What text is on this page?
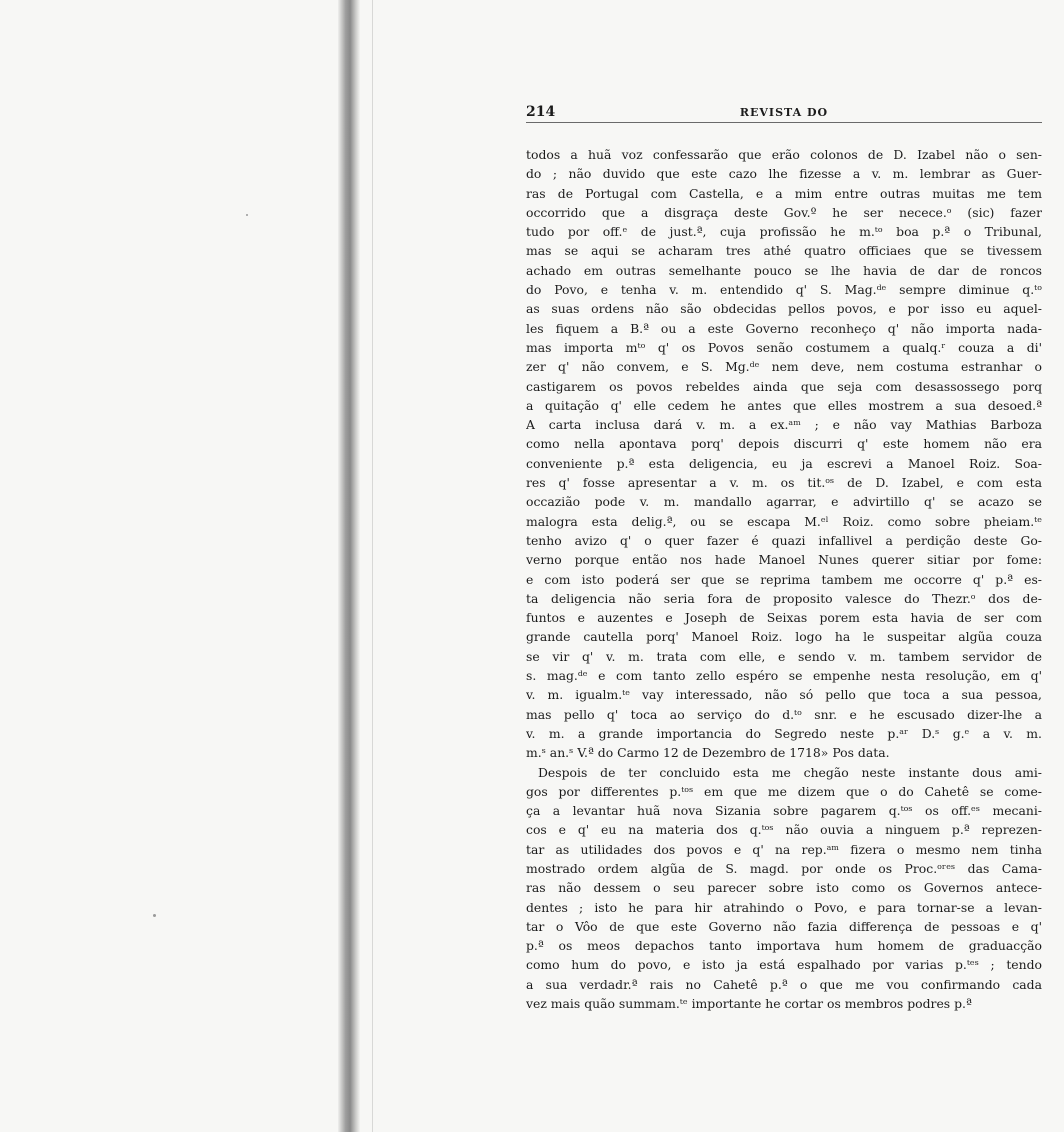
214	REVISTA DO
todos a huã voz confessarão que erão colonos de D. Izabel não o sen-
do ; não duvido que este cazo lhe fizesse a v. m. lembrar as Guer-
ras de Portugal com Castella, e a mim entre outras muitas me tem
occorrido que a disgraça deste Gov.º he ser necece.ᵒ (sic) fazer
tudo por off.ᵉ de just.ª, cuja profissão he m.ᵗᵒ boa p.ª o Tribunal,
mas se aqui se acharam tres athé quatro officiaes que se tivessem
achado em outras semelhante pouco se lhe havia de dar de roncos
do Povo, e tenha v. m. entendido q' S. Mag.ᵈᵉ sempre diminue q.ᵗᵒ
as suas ordens não são obdecidas pellos povos, e por isso eu aquel-
les fiquem a B.ª ou a este Governo reconheço q' não importa nada-
mas importa mᵗᵒ q' os Povos senão costumem a qualq.ʳ couza a di'
zer q' não convem, e S. Mg.ᵈᵉ nem deve, nem costuma estranhar o
castigarem os povos rebeldes ainda que seja com desassossego porq
a quitação q' elle cedem he antes que elles mostrem a sua desoed.ª
A carta inclusa dará v. m. a ex.ᵃᵐ ; e não vay Mathias Barboza
como nella apontava porq' depois discurri q' este homem não era
conveniente p.ª esta deligencia, eu ja escrevi a Manoel Roiz. Soa-
res q' fosse apresentar a v. m. os tit.ᵒˢ de D. Izabel, e com esta
occazião pode v. m. mandallo agarrar, e advirtillo q' se acazo se
malogra esta delig.ª, ou se escapa M.ᵉˡ Roiz. como sobre pheiam.ᵗᵉ
tenho avizo q' o quer fazer é quazi infallivel a perdição deste Go-
verno porque então nos hade Manoel Nunes querer sitiar por fome:
e com isto poderá ser que se reprima tambem me occorre q' p.ª es-
ta deligencia não seria fora de proposito valesce do Thezr.ᵒ dos de-
funtos e auzentes e Joseph de Seixas porem esta havia de ser com
grande cautella porq' Manoel Roiz. logo ha le suspeitar algũa couza
se vir q' v. m. trata com elle, e sendo v. m. tambem servidor de
s. mag.ᵈᵉ e com tanto zello espéro se empenhe nesta resolução, em q'
v. m. igualm.ᵗᵉ vay interessado, não só pello que toca a sua pessoa,
mas pello q' toca ao serviço do d.ᵗᵒ snr. e he escusado dizer-lhe a
v. m. a grande importancia do Segredo neste p.ᵃʳ D.ˢ g.ᵉ a v. m.
m.ˢ an.ˢ V.ª do Carmo 12 de Dezembro de 1718» Pos data.
Despois de ter concluido esta me chegão neste instante dous ami-
gos por differentes p.ᵗᵒˢ em que me dizem que o do Cahetê se come-
ça a levantar huã nova Sizania sobre pagarem q.ᵗᵒˢ os off.ᵉˢ mecani-
cos e q' eu na materia dos q.ᵗᵒˢ não ouvia a ninguem p.ª reprezen-
tar as utilidades dos povos e q' na rep.ᵃᵐ fizera o mesmo nem tinha
mostrado ordem algũa de S. magd. por onde os Proc.ᵒʳᵉˢ das Cama-
ras não dessem o seu parecer sobre isto como os Governos antece-
dentes ; isto he para hir atrahindo o Povo, e para tornar-se a levan-
tar o Vôo de que este Governo não fazia differença de pessoas e q'
p.ª os meos depachos tanto importava hum homem de graduacção
como hum do povo, e isto ja está espalhado por varias p.ᵗᵉˢ ; tendo
a sua verdadr.ª rais no Cahetê p.ª o que me vou confirmando cada
vez mais quão summam.ᵗᵉ importante he cortar os membros podres p.ª
